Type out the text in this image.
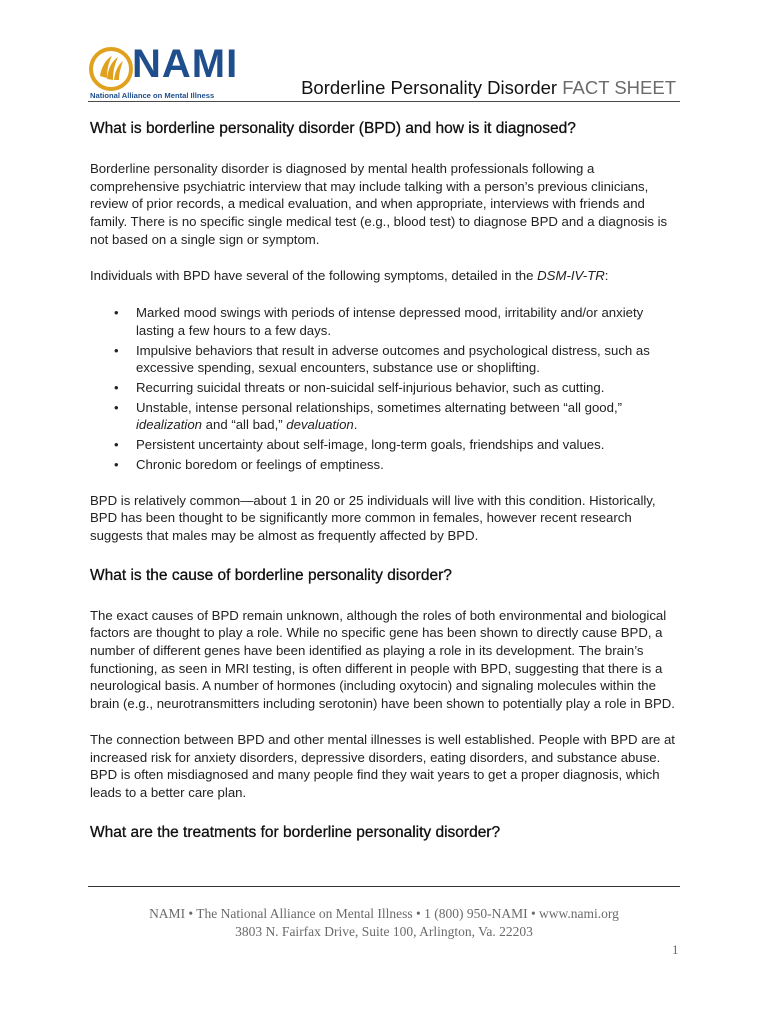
NAMI
National Alliance on Mental Illness	Borderline Personality Disorder FACT SHEET
What is borderline personality disorder (BPD) and how is it diagnosed?

Borderline personality disorder is diagnosed by mental health professionals following a comprehensive psychiatric interview that may include talking with a person’s previous clinicians, review of prior records, a medical evaluation, and when appropriate, interviews with friends and family. There is no specific single medical test (e.g., blood test) to diagnose BPD and a diagnosis is not based on a single sign or symptom.

Individuals with BPD have several of the following symptoms, detailed in the DSM-IV-TR:

• Marked mood swings with periods of intense depressed mood, irritability and/or anxiety lasting a few hours to a few days.
• Impulsive behaviors that result in adverse outcomes and psychological distress, such as excessive spending, sexual encounters, substance use or shoplifting.
• Recurring suicidal threats or non-suicidal self-injurious behavior, such as cutting.
• Unstable, intense personal relationships, sometimes alternating between “all good,” idealization and “all bad,” devaluation.
• Persistent uncertainty about self-image, long-term goals, friendships and values.
• Chronic boredom or feelings of emptiness.

BPD is relatively common—about 1 in 20 or 25 individuals will live with this condition. Historically, BPD has been thought to be significantly more common in females, however recent research suggests that males may be almost as frequently affected by BPD.

What is the cause of borderline personality disorder?

The exact causes of BPD remain unknown, although the roles of both environmental and biological factors are thought to play a role. While no specific gene has been shown to directly cause BPD, a number of different genes have been identified as playing a role in its development. The brain’s functioning, as seen in MRI testing, is often different in people with BPD, suggesting that there is a neurological basis. A number of hormones (including oxytocin) and signaling molecules within the brain (e.g., neurotransmitters including serotonin) have been shown to potentially play a role in BPD.

The connection between BPD and other mental illnesses is well established. People with BPD are at increased risk for anxiety disorders, depressive disorders, eating disorders, and substance abuse. BPD is often misdiagnosed and many people find they wait years to get a proper diagnosis, which leads to a better care plan.

What are the treatments for borderline personality disorder?
NAMI • The National Alliance on Mental Illness • 1 (800) 950-NAMI • www.nami.org
3803 N. Fairfax Drive, Suite 100, Arlington, Va. 22203
1
